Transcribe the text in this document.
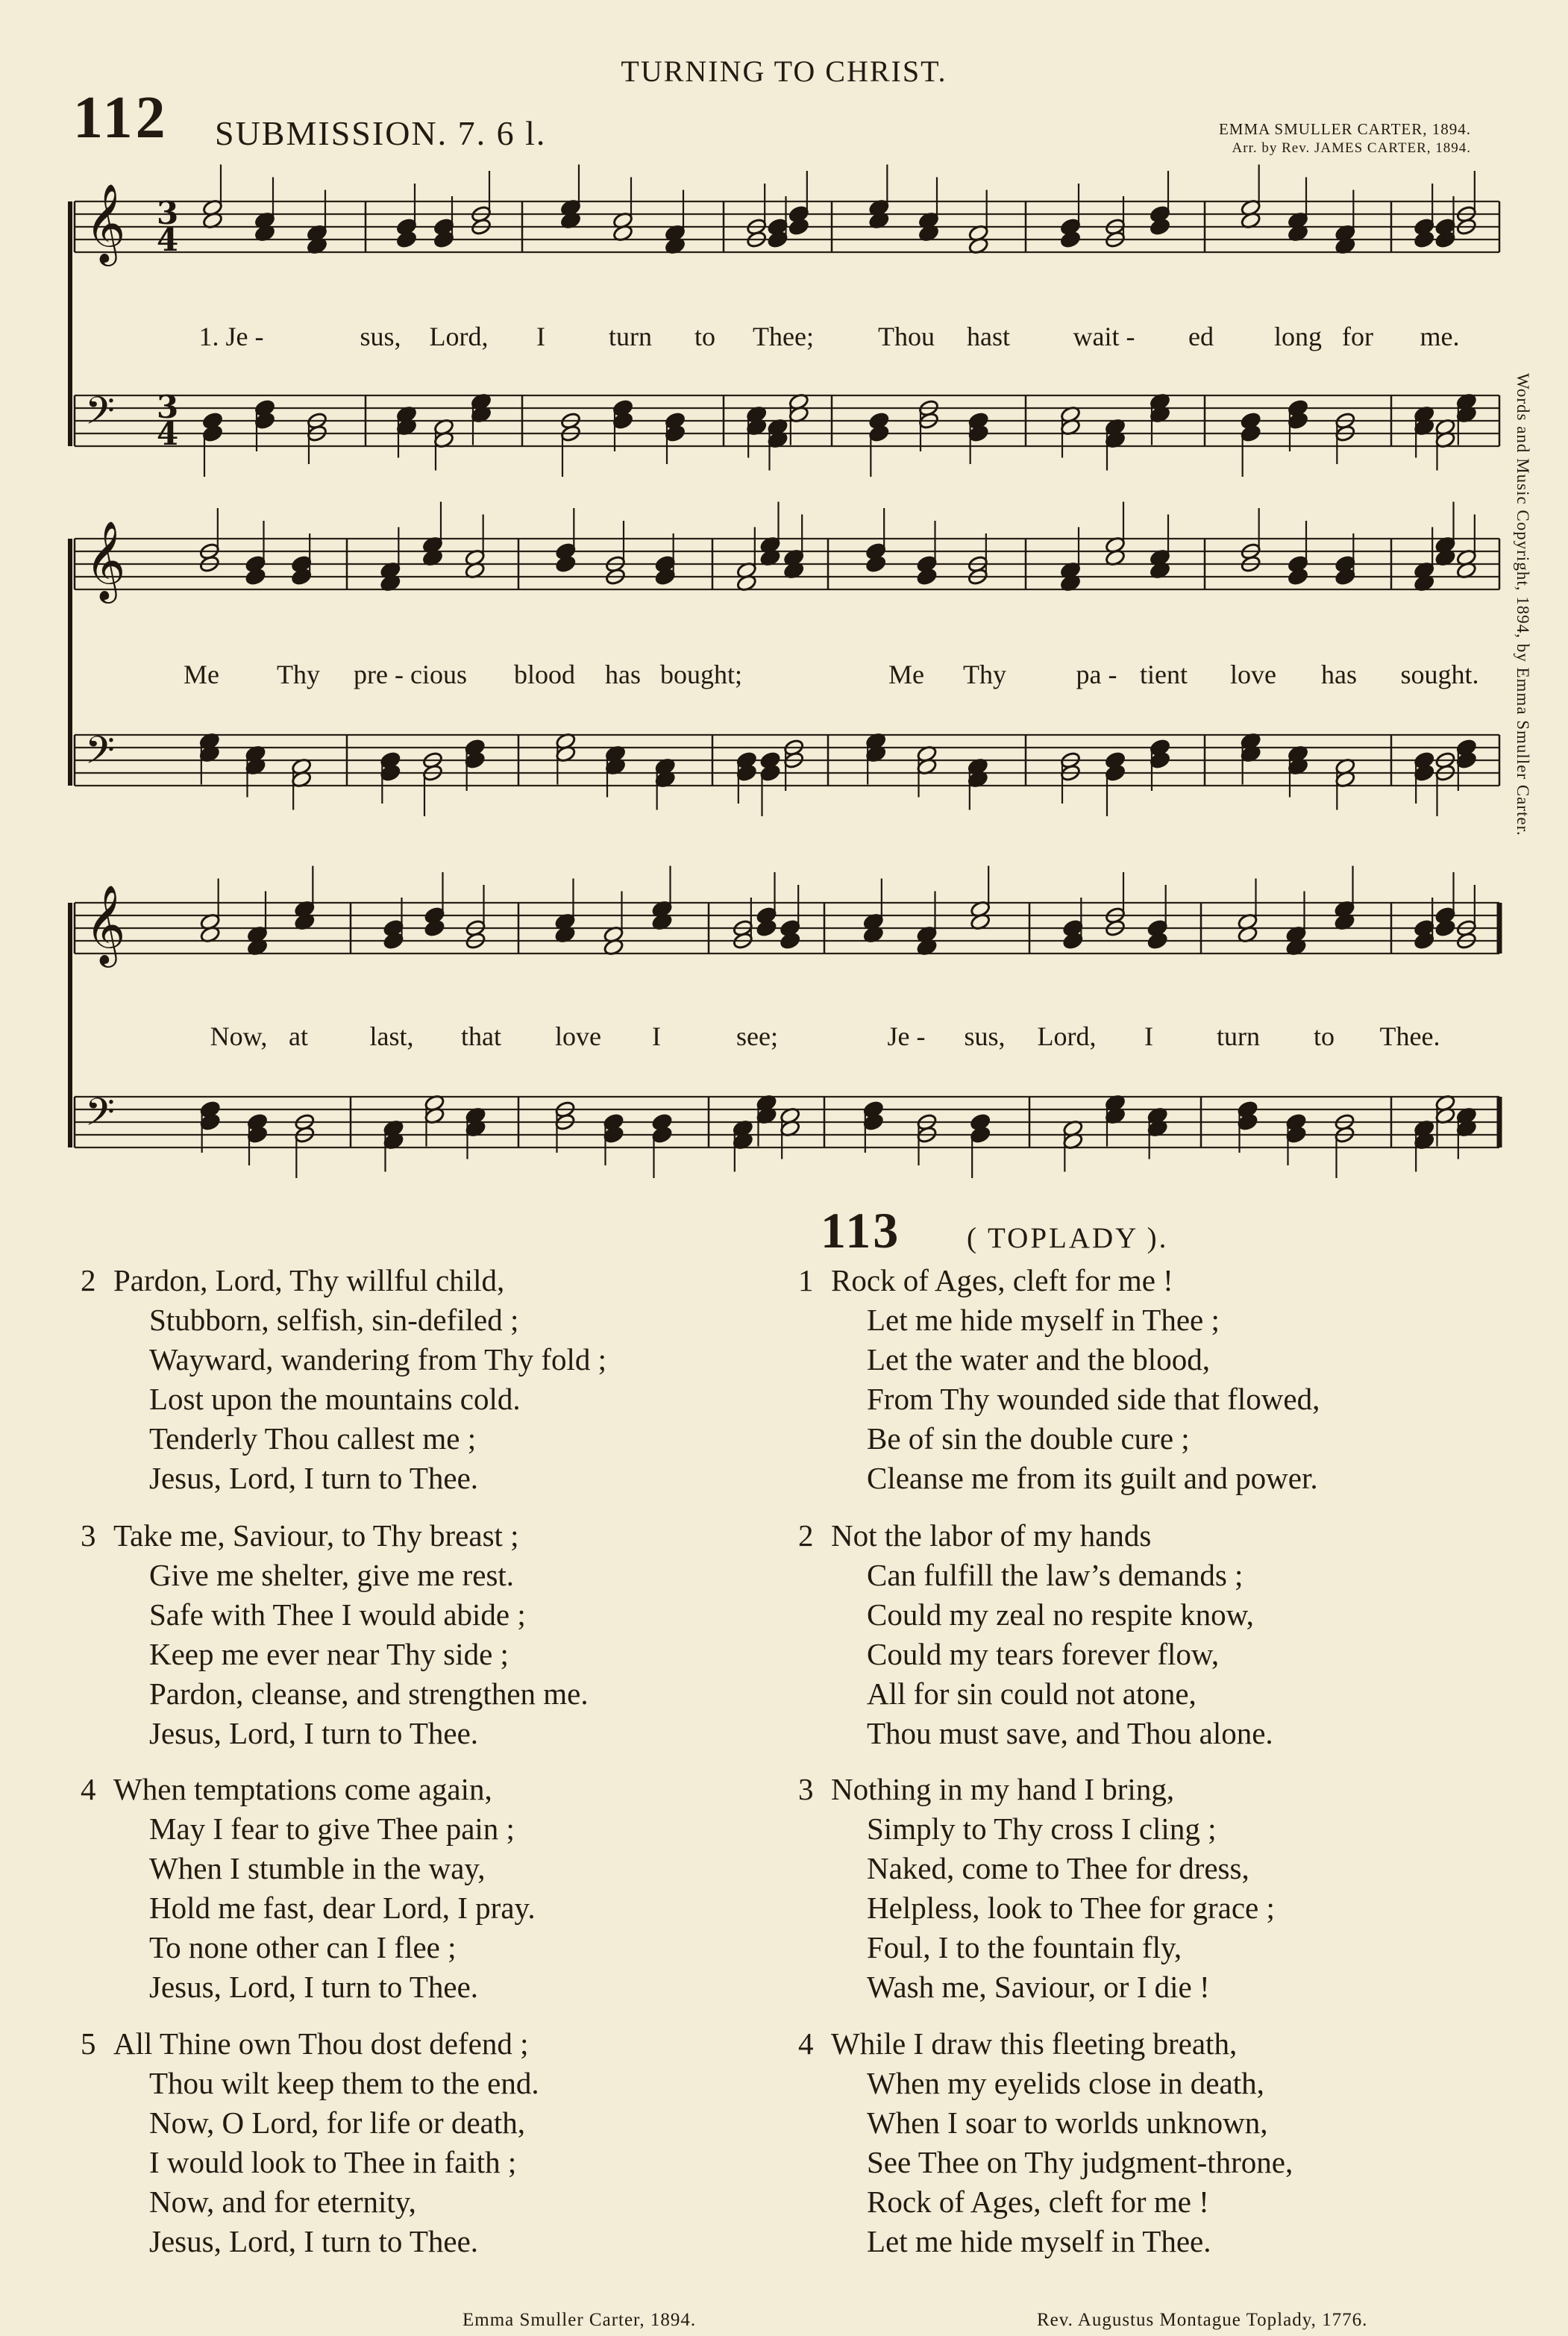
TURNING TO CHRIST.
112 SUBMISSION. 7. 6 l.	EMMA SMULLER CARTER, 1894.
Arr. by Rev. JAMES CARTER, 1894.
𝄞 3
4
𝄢 3
4
𝄞
𝄢
𝄞
𝄢
1. Je -	sus, Lord, I turn to Thee; Thou hast wait - ed long for me.
Me Thy pre - cious blood has bought;	Me Thy	pa - tient love has sought.
Now, at last, that love I	see;	Je - sus, Lord, I turn to Thee.
Words and Music Copyright, 1894, by Emma Smuller Carter.
113 ( TOPLADY ).
2 Pardon, Lord, Thy willful child,
Stubborn, selfish, sin-defiled ;
Wayward, wandering from Thy fold ;
Lost upon the mountains cold.
Tenderly Thou callest me ;
Jesus, Lord, I turn to Thee.
3 Take me, Saviour, to Thy breast ;
Give me shelter, give me rest.
Safe with Thee I would abide ;
Keep me ever near Thy side ;
Pardon, cleanse, and strengthen me.
Jesus, Lord, I turn to Thee.
4 When temptations come again,
May I fear to give Thee pain ;
When I stumble in the way,
Hold me fast, dear Lord, I pray.
To none other can I flee ;
Jesus, Lord, I turn to Thee.
5 All Thine own Thou dost defend ;
Thou wilt keep them to the end.
Now, O Lord, for life or death,
I would look to Thee in faith ;
Now, and for eternity,
Jesus, Lord, I turn to Thee.
1 Rock of Ages, cleft for me !
Let me hide myself in Thee ;
Let the water and the blood,
From Thy wounded side that flowed,
Be of sin the double cure ;
Cleanse me from its guilt and power.
2 Not the labor of my hands
Can fulfill the law’s demands ;
Could my zeal no respite know,
Could my tears forever flow,
All for sin could not atone,
Thou must save, and Thou alone.
3 Nothing in my hand I bring,
Simply to Thy cross I cling ;
Naked, come to Thee for dress,
Helpless, look to Thee for grace ;
Foul, I to the fountain fly,
Wash me, Saviour, or I die !
4 While I draw this fleeting breath,
When my eyelids close in death,
When I soar to worlds unknown,
See Thee on Thy judgment-throne,
Rock of Ages, cleft for me !
Let me hide myself in Thee.
Emma Smuller Carter, 1894.	Rev. Augustus Montague Toplady, 1776.
